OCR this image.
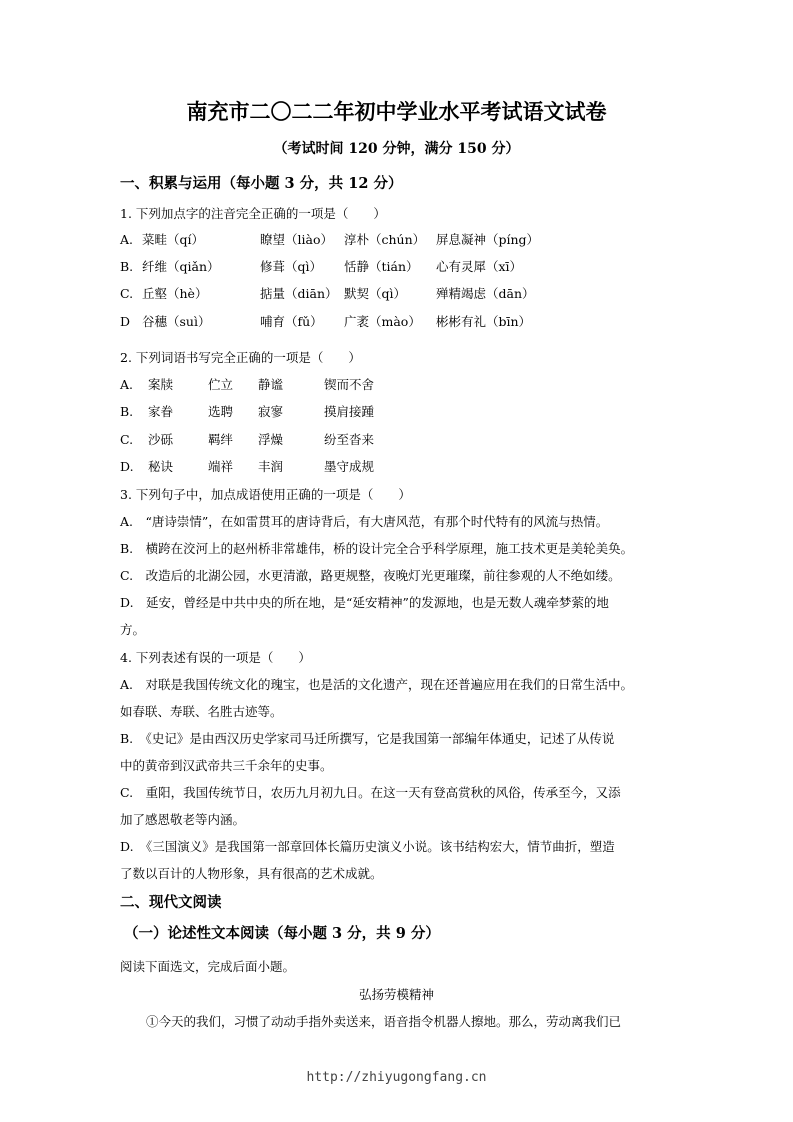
南充市二〇二二年初中学业水平考试语文试卷
（考试时间 120 分钟，满分 150 分）
一、积累与运用（每小题 3 分，共 12 分）
1. 下列加点字的注音完全正确的一项是（　　）
A. 菜畦（qí）	瞭望（liào） 淳朴（chún） 屏息凝神（píng）
B. 纤维（qiǎn）	修葺（qì） 恬静（tián） 心有灵犀（xī）
C. 丘壑（hè）	掂量（diān） 默契（qì） 殚精竭虑（dān）
D 谷穗（suì）	哺育（fǔ） 广袤（mào） 彬彬有礼（bīn）
2. 下列词语书写完全正确的一项是（　　）
A. 案牍	伫立 静谧	锲而不舍
B. 家眷	选聘 寂寥	摸肩接踵
C. 沙砾	羁绊 浮燥	纷至沓来
D. 秘诀	端祥 丰润	墨守成规
3. 下列句子中，加点成语使用正确的一项是（　　）
A.　“唐诗崇情”，在如雷贯耳的唐诗背后，有大唐风范，有那个时代特有的风流与热情。
B.　横跨在洨河上的赵州桥非常雄伟，桥的设计完全合乎科学原理，施工技术更是美轮美奂。
C.　改造后的北湖公园，水更清澈，路更规整，夜晚灯光更璀璨，前往参观的人不绝如缕。
D.　延安，曾经是中共中央的所在地，是“延安精神”的发源地，也是无数人魂牵梦萦的地
方。
4. 下列表述有误的一项是（　　）
A.　对联是我国传统文化的瑰宝，也是活的文化遗产，现在还普遍应用在我们的日常生活中。
如春联、寿联、名胜古迹等。
B.　《史记》是由西汉历史学家司马迁所撰写，它是我国第一部编年体通史，记述了从传说
中的黄帝到汉武帝共三千余年的史事。
C.　重阳，我国传统节日，农历九月初九日。在这一天有登高赏秋的风俗，传承至今，又添
加了感恩敬老等内涵。
D.　《三国演义》是我国第一部章回体长篇历史演义小说。该书结构宏大，情节曲折，塑造
了数以百计的人物形象，具有很高的艺术成就。
二、现代文阅读
（一）论述性文本阅读（每小题 3 分，共 9 分）
阅读下面选文，完成后面小题。
弘扬劳模精神
①今天的我们，习惯了动动手指外卖送来，语音指令机器人擦地。那么，劳动离我们已
http://zhiyugongfang.cn
